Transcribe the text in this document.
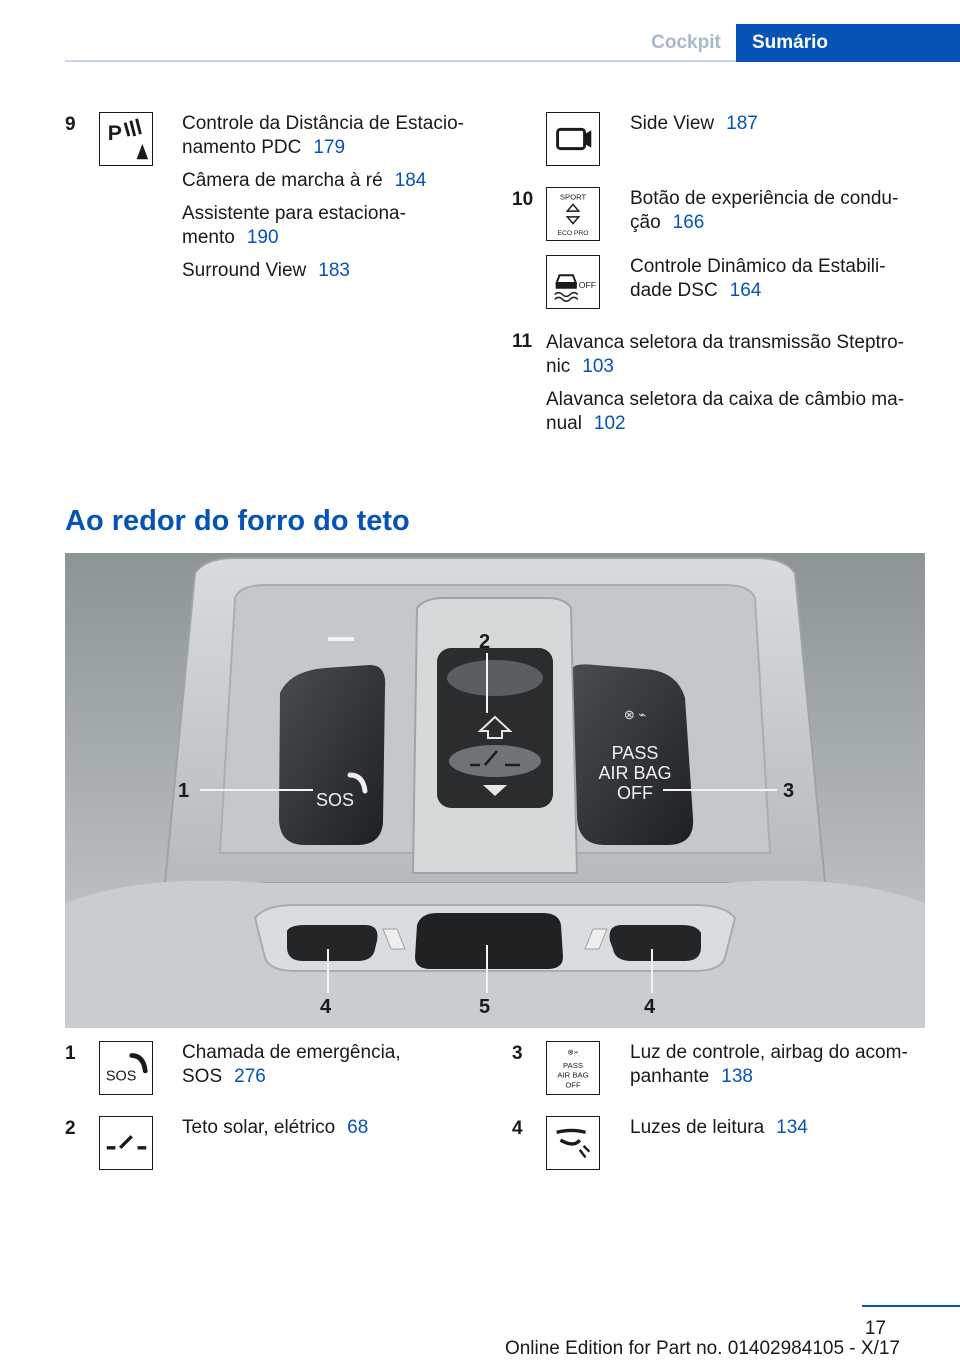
Cockpit	Sumário
9 P	Controle da Distância de Estacio-
namento PDC 179
Câmera de marcha à ré 184
Assistente para estaciona-
mento 190
Surround View 183
Side View 187
10	SPORT
ECO PRO
Botão de experiência de condu-
ção 166
OFF
Controle Dinâmico da Estabili-
dade DSC 164
11 Alavanca seletora da transmissão Steptro-
nic 103
Alavanca seletora da caixa de câmbio ma-
nual 102
Ao redor do forro do teto
SOS
⊗ ⌁
PASS
AIR BAG
OFF
1
2
3
4	5	4
1
SOS
Chamada de emergência,
SOS 276
2	Teto solar, elétrico 68
3	⊗⌁
PASS
AIR BAG
OFF
Luz de controle, airbag do acom-
panhante 138
4	Luzes de leitura 134
17
Online Edition for Part no. 01402984105 - X/17
